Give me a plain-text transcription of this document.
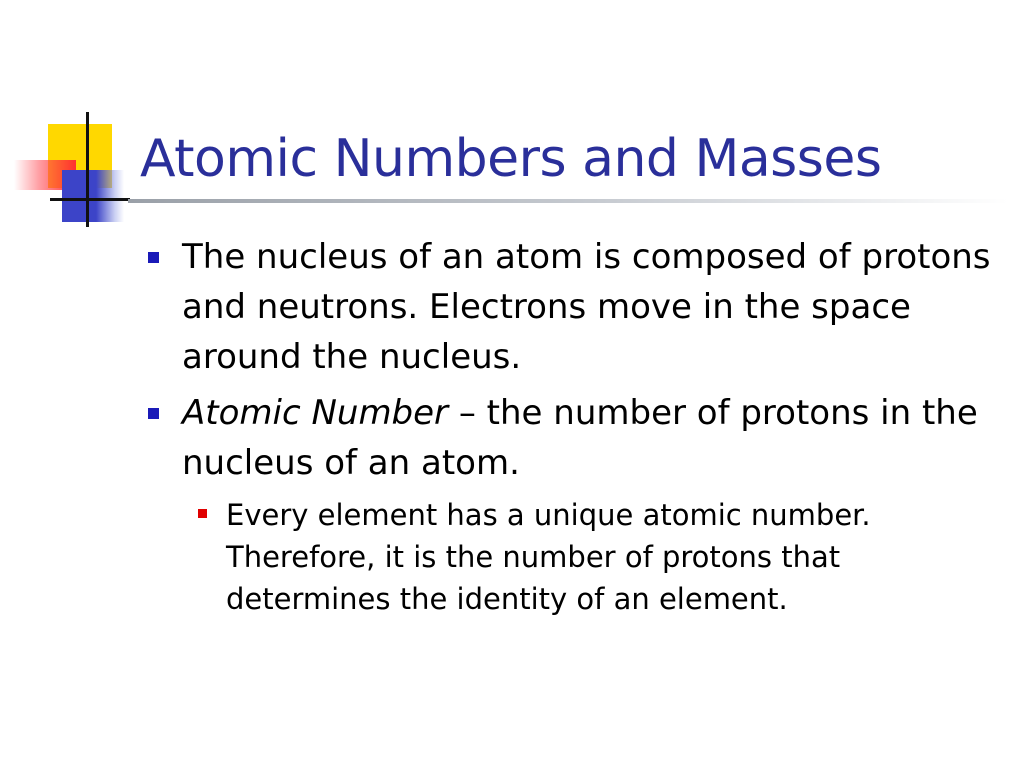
Atomic Numbers and Masses
The nucleus of an atom is composed of protons and neutrons. Electrons move in the space around the nucleus.
Atomic Number – the number of protons in the nucleus of an atom.
Every element has a unique atomic number. Therefore, it is the number of protons that determines the identity of an element.
